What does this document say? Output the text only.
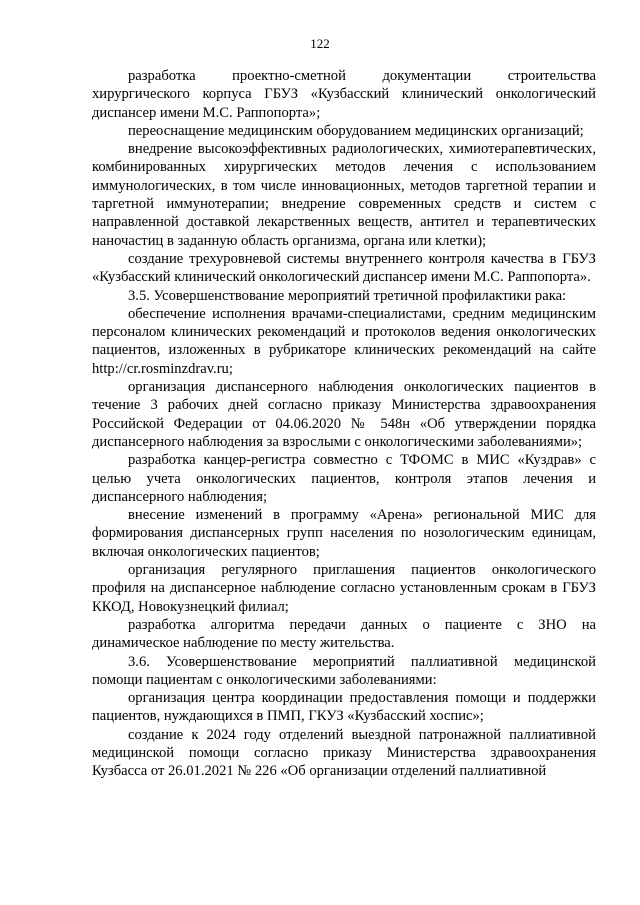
122

разработка проектно-сметной документации строительства хирургического корпуса ГБУЗ «Кузбасский клинический онкологический диспансер имени М.С. Раппопорта»;

переоснащение медицинским оборудованием медицинских организаций;

внедрение высокоэффективных радиологических, химиотерапевтических, комбинированных хирургических методов лечения с использованием иммунологических, в том числе инновационных, методов таргетной терапии и таргетной иммунотерапии; внедрение современных средств и систем с направленной доставкой лекарственных веществ, антител и терапевтических наночастиц в заданную область организма, органа или клетки);

создание трехуровневой системы внутреннего контроля качества в ГБУЗ «Кузбасский клинический онкологический диспансер имени М.С. Раппопорта».

3.5. Усовершенствование мероприятий третичной профилактики рака:

обеспечение исполнения врачами-специалистами, средним медицинским персоналом клинических рекомендаций и протоколов ведения онкологических пациентов, изложенных в рубрикаторе клинических рекомендаций на сайте http://cr.rosminzdrav.ru;

организация диспансерного наблюдения онкологических пациентов в течение 3 рабочих дней согласно приказу Министерства здравоохранения Российской Федерации от 04.06.2020 № 548н «Об утверждении порядка диспансерного наблюдения за взрослыми с онкологическими заболеваниями»;

разработка канцер-регистра совместно с ТФОМС в МИС «Куздрав» с целью учета онкологических пациентов, контроля этапов лечения и диспансерного наблюдения;

внесение изменений в программу «Арена» региональной МИС для формирования диспансерных групп населения по нозологическим единицам, включая онкологических пациентов;

организация регулярного приглашения пациентов онкологического профиля на диспансерное наблюдение согласно установленным срокам в ГБУЗ ККОД, Новокузнецкий филиал;

разработка алгоритма передачи данных о пациенте с ЗНО на динамическое наблюдение по месту жительства.

3.6. Усовершенствование мероприятий паллиативной медицинской помощи пациентам с онкологическими заболеваниями:

организация центра координации предоставления помощи и поддержки пациентов, нуждающихся в ПМП, ГКУЗ «Кузбасский хоспис»;

создание к 2024 году отделений выездной патронажной паллиативной медицинской помощи согласно приказу Министерства здравоохранения Кузбасса от 26.01.2021 № 226 «Об организации отделений паллиативной
